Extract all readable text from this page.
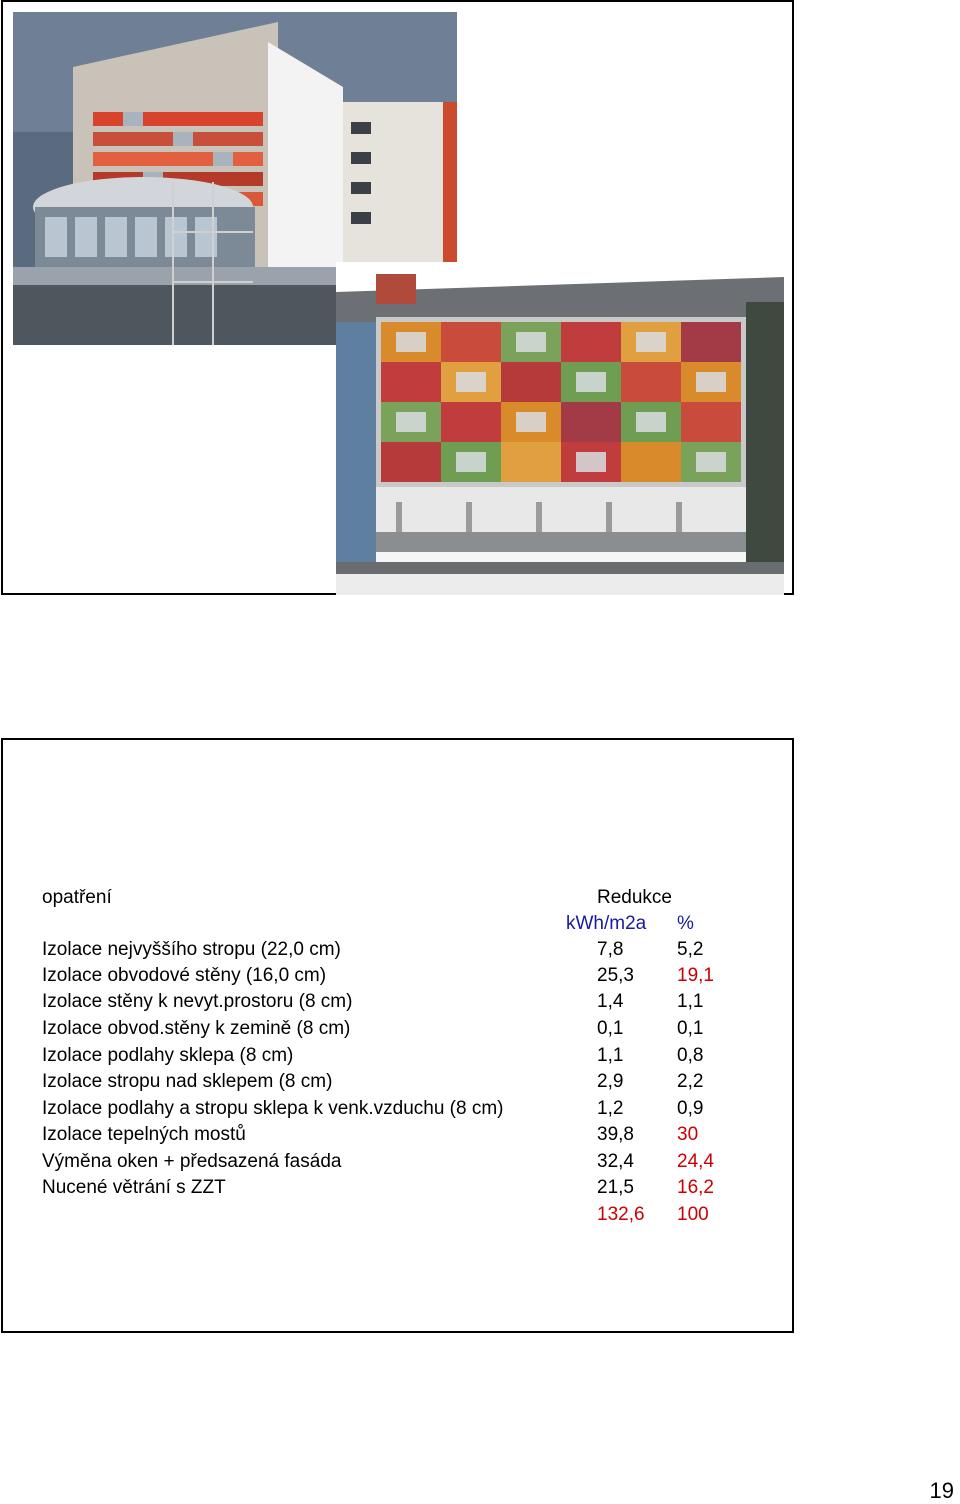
opatření	Redukce
kWh/m2a %
Izolace nejvyššího stropu (22,0 cm)	7,8	5,2
Izolace obvodové stěny (16,0 cm)	25,3 19,1
Izolace stěny k nevyt.prostoru (8 cm)	1,4	1,1
Izolace obvod.stěny k zemině (8 cm)	0,1	0,1
Izolace podlahy sklepa (8 cm)	1,1	0,8
Izolace stropu nad sklepem (8 cm)	2,9	2,2
Izolace podlahy a stropu sklepa k venk.vzduchu (8 cm)	1,2	0,9
Izolace tepelných mostů	39,8 30
Výměna oken + předsazená fasáda	32,4 24,4
Nucené větrání s ZZT	21,5 16,2
132,6 100
19
